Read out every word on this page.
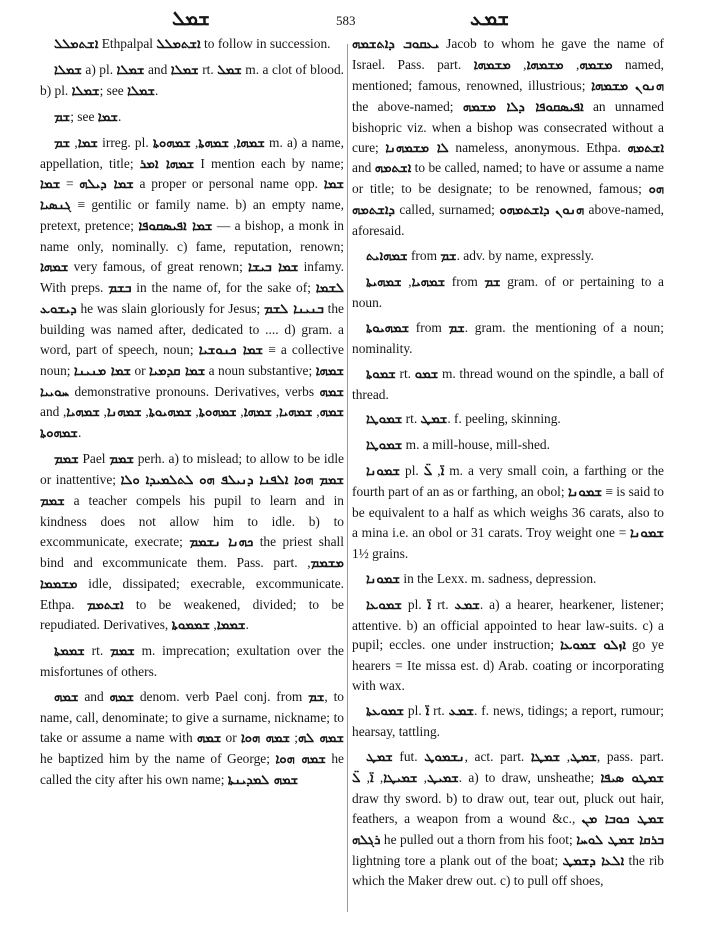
ܫܡܠ	583	ܫܡܥ

ܐܫܬܡܠܠ Ethpalpal ܐܫܬܡܠܠ to follow in succession.

ܫܡܠܐ a) pl. ܫܡܠܐ and ܫܡܠܐ rt. ܫܡܠ m. a clot of blood. b) pl. ܫܡܠܐ; see ܫܡܠܐ.

ܫܡ; see ܫܡܐ.

ܫܡܐ, ܫܡ irreg. pl.	ܫܡܗܐ, ܫܡܗܬܐ, ܫܡܗܘܬܐ	m. a) a name, appellation, title; ܫܡܗܐ ܐܡܪ I mention each by name; ܫܡܐ ܕܝܠܗ = ܫܡܐ	a proper or personal name opp. ܫܡܐ ܓܢܣܝܐ ≡ gentilic or family name. b) an empty name, pretext, pretence; ܫܡܐ ܐܦܝܣܩܘܦܐ — a bishop, a monk in name only, nominally. c) fame, reputation, renown; ܫܡܗܐ very famous, of great renown; ܫܡܐ ܒܝܫܐ infamy. With preps. ܒܫܡ in the name of, for the sake of; ܠܫܡܐ ܕܝܫܘܥ he was slain gloriously for Jesus; ܒܢܝܢܐ ܠܫܡ the building was named after, dedicated to .... d) gram. a word, part of speech, noun; ܫܡܐ ܟܢܘܫܝܐ ≡ a collective noun; ܫܡܐ ܡܢܝܢܐ or ܫܡܐ ܩܕܡܝܐ a noun substantive; ܫܡܗܐ ܚܘܝܝܐ demonstrative pronouns. Derivatives, verbs ܫܡܗ and	ܫܡܗ, ܫܡܗܝܐ, ܫܡܗܐ, ܫܡܗܘܬܐ, ܫܡܗܝܘܬܐ, ܫܡܗܢܐ, ܫܡܗܝܐ, ܫܡܗܘܬܐ.

ܫܡܡ Pael ܫܡܡ perh. a) to mislead; to allow to be idle or inattentive; ܫܡܡ ܗܘܐ ܐܠܦܢܐ ܕܢܝܠܦ ܗܘ ܠܬܠܡܝܕܐ ܘܠܐ ܫܡܡ a teacher compels his pupil to learn and in kindness does not allow him to idle. b) to excommunicate, execrate; ܟܗܢܐ ܢܫܡܡ the priest shall bind and excommunicate them. Pass. part. ܡܫܡܡ, ܡܫܡܡܐ idle, dissipated; execrable, excommunicate. Ethpa. ܐܫܬܡܡ to be weakened, divided; to be repudiated. Derivatives,	ܫܡܡܐ, ܫܡܡܘܬܐ	.

ܫܡܡܬܐ rt. ܫܡܡ m. imprecation; exultation over the misfortunes of others.

ܫܡܗ and ܫܡܗ denom. verb Pael conj. from ܫܡ, to name, call, denominate; to give a surname, nickname; to take or assume a name with ܫܡܗ or	ܫܡܗ ܠܗ; ܫܡܗ ܗܘܐ he baptized him by the name of George; ܫܡܗ ܗܘܐ he called the city after his own name; ܫܡܗ ܠܡܕܝܢܬܐ

ܝܥܩܘܒ ܕܐܬܫܡܗ Jacob to whom he gave the name of Israel. Pass. part.	ܡܫܡܗ, ܡܫܡܗܐ, ܡܫܡܗܐ	named, mentioned; famous, renowned, illustrious; ܗܢܘܢ ܡܫܡܗܐ the above-named; ܐܦܝܣܩܘܦܐ ܕܠܐ ܡܫܡܗ an unnamed bishopric viz. when a bishop was consecrated without a cure; ܠܐ ܡܫܡܗܢܐ nameless, anonymous. Ethpa. ܐܫܬܡܗ and ܐܫܬܡܗ to be called, named; to have or assume a name or title; to be designate; to be renowned, famous; ܗܘ ܕܐܫܬܡܗ called, surnamed; ܗܢܘܢ ܕܐܫܬܡܗܘ above-named, aforesaid.

ܫܡܗܐܝܬ from ܫܡ. adv. by name, expressly.

ܫܡܗܝܐ, ܫܡܗܝܬܐ	from ܫܡ gram. of or pertaining to a noun.

ܫܡܗܝܘܬܐ from ܫܡ. gram. the mentioning of a noun; nominality.

ܫܡܘܬܐ rt. ܫܡܘ m. thread wound on the spindle, a ball of thread.

ܫܡܘܛܐ rt. ܫܡܛ. f. peeling, skinning.

ܫܡܘܛܐ m. a mill-house, mill-shed.

ܫܡܘܢܐ pl. ܐ̈, ܠ̈ m. a very small coin, a farthing or the fourth part of an as or farthing, an obol; ܫܡܘܢܐ ≡ is said to be equivalent to a half as which weighs 36 carats, also to a mina i.e. an obol or 31 carats. Troy weight one ܫܡܘܢܐ = 1½ grains.

ܫܡܘܢܐ in the Lexx. m. sadness, depression.

ܫܡܘܥܐ pl. ܐ̈ rt. ܫܡܥ. a) a hearer, hearkener, listener; attentive. b) an official appointed to hear law-suits. c) a pupil; eccles. one under instruction; ܐܙܠܘ ܫܡܘܥܐ go ye hearers = Ite missa est. d) Arab. coating or incorporating with wax.

ܫܡܘܥܬܐ pl. ܐ̈ rt. ܫܡܥ. f. news, tidings; a report, rumour; hearsay, tattling.

ܫܡܛ fut. ܢܫܡܘܛ, act. part.	ܫܡܛ, ܫܡܛܐ	, pass. part. ܫܡܝܛ, ܫܡܝܛܐ, ܐ̈, ܠ̈	. a) to draw, unsheathe; ܫܡܛܘ ܣܝܦܐ draw thy sword. b) to draw out, tear out, pluck out hair, feathers, a weapon from a wound &c., ܫܡܛ ܟܘܒܐ ܡܢ ܪܓܠܗ he pulled out a thorn from his foot; ܒܪܩܐ ܫܡܛ ܠܘܚܐ lightning tore a plank out of the boat; ܐܠܥܐ ܕܫܡܛ the rib which the Maker drew out. c) to pull off shoes,
